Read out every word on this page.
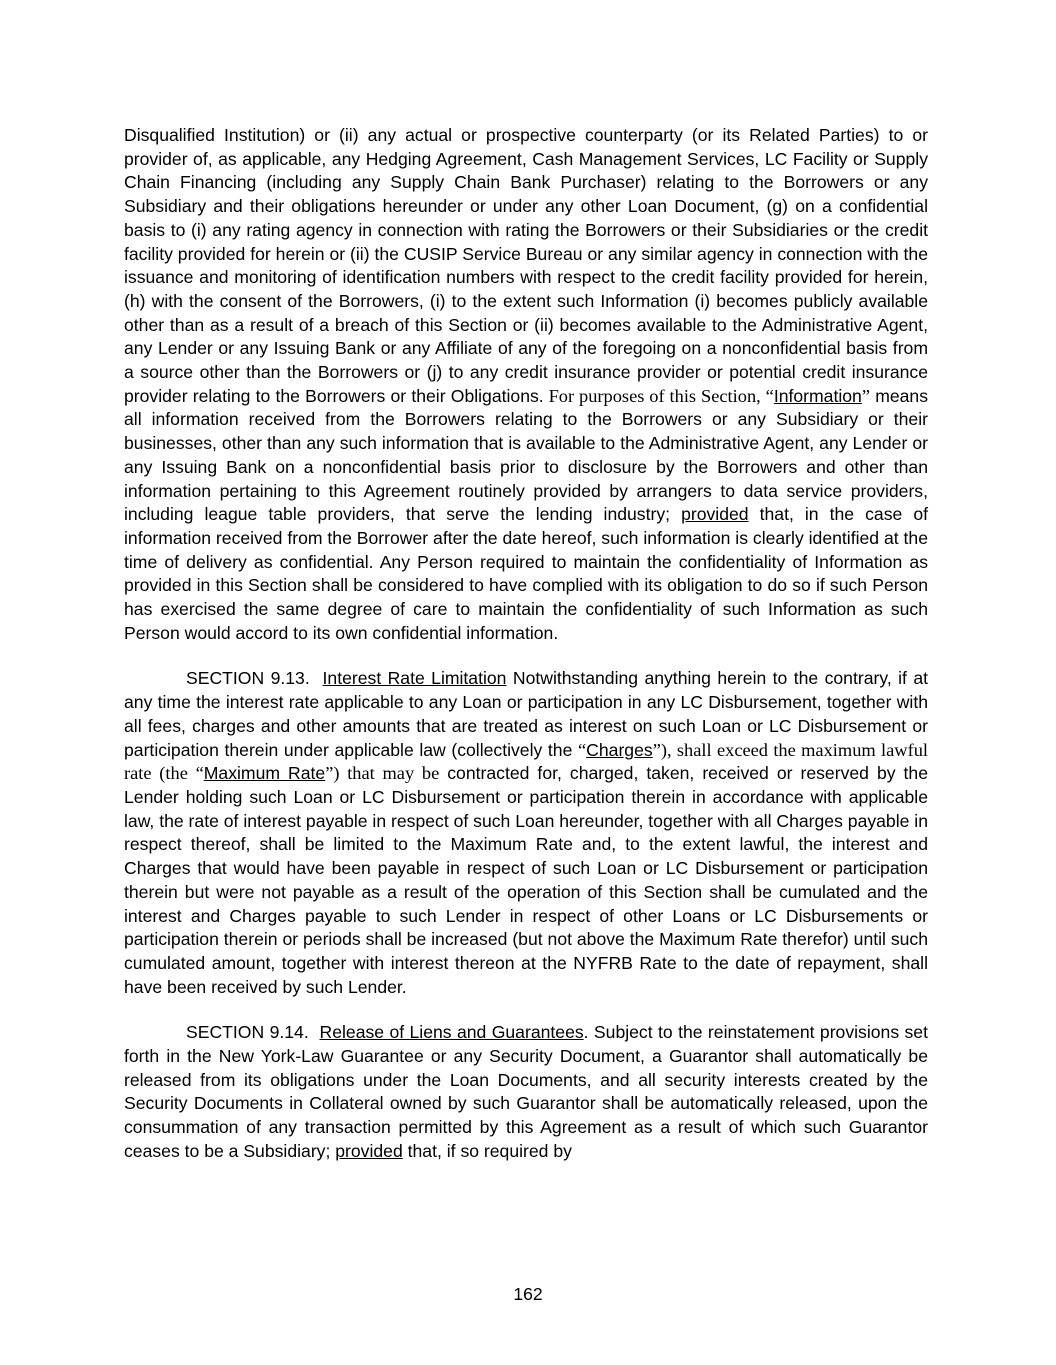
Disqualified Institution) or (ii) any actual or prospective counterparty (or its Related Parties) to or provider of, as applicable, any Hedging Agreement, Cash Management Services, LC Facility or Supply Chain Financing (including any Supply Chain Bank Purchaser) relating to the Borrowers or any Subsidiary and their obligations hereunder or under any other Loan Document, (g) on a confidential basis to (i) any rating agency in connection with rating the Borrowers or their Subsidiaries or the credit facility provided for herein or (ii) the CUSIP Service Bureau or any similar agency in connection with the issuance and monitoring of identification numbers with respect to the credit facility provided for herein, (h) with the consent of the Borrowers, (i) to the extent such Information (i) becomes publicly available other than as a result of a breach of this Section or (ii) becomes available to the Administrative Agent, any Lender or any Issuing Bank or any Affiliate of any of the foregoing on a nonconfidential basis from a source other than the Borrowers or (j) to any credit insurance provider or potential credit insurance provider relating to the Borrowers or their Obligations. For purposes of this Section, “Information” means all information received from the Borrowers relating to the Borrowers or any Subsidiary or their businesses, other than any such information that is available to the Administrative Agent, any Lender or any Issuing Bank on a nonconfidential basis prior to disclosure by the Borrowers and other than information pertaining to this Agreement routinely provided by arrangers to data service providers, including league table providers, that serve the lending industry; provided that, in the case of information received from the Borrower after the date hereof, such information is clearly identified at the time of delivery as confidential. Any Person required to maintain the confidentiality of Information as provided in this Section shall be considered to have complied with its obligation to do so if such Person has exercised the same degree of care to maintain the confidentiality of such Information as such Person would accord to its own confidential information.

SECTION 9.13. Interest Rate Limitation Notwithstanding anything herein to the contrary, if at any time the interest rate applicable to any Loan or participation in any LC Disbursement, together with all fees, charges and other amounts that are treated as interest on such Loan or LC Disbursement or participation therein under applicable law (collectively the “Charges”), shall exceed the maximum lawful rate (the “Maximum Rate”) that may be contracted for, charged, taken, received or reserved by the Lender holding such Loan or LC Disbursement or participation therein in accordance with applicable law, the rate of interest payable in respect of such Loan hereunder, together with all Charges payable in respect thereof, shall be limited to the Maximum Rate and, to the extent lawful, the interest and Charges that would have been payable in respect of such Loan or LC Disbursement or participation therein but were not payable as a result of the operation of this Section shall be cumulated and the interest and Charges payable to such Lender in respect of other Loans or LC Disbursements or participation therein or periods shall be increased (but not above the Maximum Rate therefor) until such cumulated amount, together with interest thereon at the NYFRB Rate to the date of repayment, shall have been received by such Lender.

SECTION 9.14. Release of Liens and Guarantees. Subject to the reinstatement provisions set forth in the New York-Law Guarantee or any Security Document, a Guarantor shall automatically be released from its obligations under the Loan Documents, and all security interests created by the Security Documents in Collateral owned by such Guarantor shall be automatically released, upon the consummation of any transaction permitted by this Agreement as a result of which such Guarantor ceases to be a Subsidiary; provided that, if so required by

162
